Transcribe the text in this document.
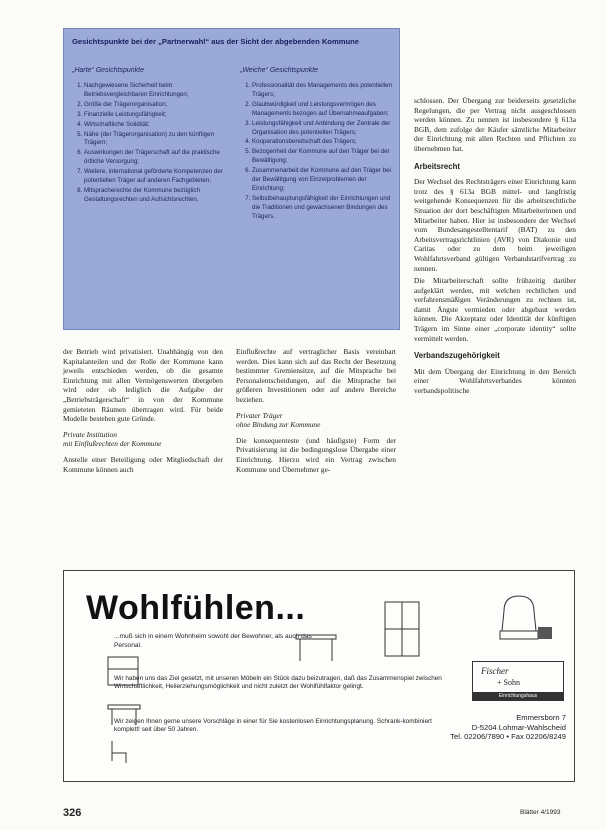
Gesichtspunkte bei der „Partnerwahl“ aus der Sicht der abgebenden Kommune
„Harte“ Gesichtspunkte
1. Nachgewiesene Sicherheit beim Betriebsvergleichbaren Einrichtungen;
2. Größe der Trägerorganisation;
3. Finanzielle Leistungsfähigkeit;
4. Wirtschaftliche Solidität;
5. Nähe (der Trägerorganisation) zu den künftigen Trägern;
6. Auswirkungen der Trägerschaft auf die praktische örtliche Versorgung;
7. Weitere, international geförderte Kompetenzen der potentiellen Träger auf anderen Fachgebieten;
8. Mitspracherechte der Kommune bezüglich Gestaltungsrechten und Aufsichtsrechten.
„Weiche“ Gesichtspunkte
1. Professionalität des Managements des potentiellen Trägers;
2. Glaubwürdigkeit und Leistungsvermögen des Managements bezogen auf Übernahmeaufgaben;
3. Leistungsfähigkeit und Anbindung der Zentrale der Organisation des potentiellen Trägers;
4. Kooperationsbereitschaft des Trägers;
5. Bezogenheit der Kommune auf den Träger bei der Bewältigung;
6. Zusammenarbeit der Kommune auf den Träger bei der Bewältigung von Einzelproblemen der Einrichtung;
7. Selbstbehauptungsfähigkeit der Einrichtungen und die Traditionen und gewachsenen Bindungen des Trägers.

der Betrieb wird privatisiert. Unabhängig von den Kapitalanteilen und der Rolle der Kommune kann jeweils entschieden werden, ob die gesamte Einrichtung mit allen Vermögenswerten übergeben wird oder ob lediglich die Aufgabe der „Betriebsträgerschaft“ in von der Kommune gemieteten Räumen übertragen wird. Für beide Modelle bestehen gute Gründe.

Private Institution
mit Einflußrechten der Kommune

Anstelle einer Beteiligung oder Mitgliedschaft der Kommune können auch

Einflußrechte auf vertraglicher Basis vereinbart werden. Dies kann sich auf das Recht der Besetzung bestimmter Gremiensitze, auf die Mitsprache bei Personalentscheidungen, auf die Mitsprache bei größeren Investitionen oder auf andere Bereiche beziehen.

Privater Träger
ohne Bindung zur Kommune

Die konsequenteste (und häufigste) Form der Privatisierung ist die bedingungslose Übergabe einer Einrichtung. Hierzu wird ein Vertrag zwischen Kommune und Übernehmer ge-

schlossen. Der Übergang zur beiderseits gesetzliche Regelungen, die per Vertrag nicht ausgeschlossen werden können. Zu nennen ist insbesondere § 613a BGB, dem zufolge der Käufer sämtliche Mitarbeiter der Einrichtung mit allen Rechten und Pflichten zu übernehmen hat.

Arbeitsrecht

Der Wechsel des Rechtsträgers einer Einrichtung kann trotz des § 613a BGB mittel- und langfristig weitgehende Konsequenzen für die arbeitsrechtliche Situation der dort beschäftigten Mitarbeiterinnen und Mitarbeiter haben. Hier ist insbesondere der Wechsel vom Bundesangestelltentarif (BAT) zu den Arbeitsvertragsrichtlinien (AVR) von Diakonie und Caritas oder zu dem beim jeweiligen Wohlfahrtsverband gültigen Verbandstarifvertrag zu nennen.

Die Mitarbeiterschaft sollte frühzeitig darüber aufgeklärt werden, mit welchen rechtlichen und verfahrensmäßigen Veränderungen zu rechnen ist, damit Ängste vermieden oder abgebaut werden können. Die Akzeptanz oder Identität der künftigen Trägern im Sinne einer „corporate identity“ sollte vermittelt werden.

Verbandszugehörigkeit

Mit dem Übergang der Einrichtung in den Bereich einer Wohlfahrtsverbandes könnten verbandspolitische

Wohlfühlen...
...muß sich in einem Wohnheim sowohl der Bewohner, als auch das Personal.

Wir haben uns das Ziel gesetzt, mit unseren Möbeln ein Stück dazu beizutragen, daß das Zusammenspiel zwischen Wirtschaftlichkeit, Heilerziehungsmöglichkeit und nicht zuletzt der Wohlfühlfaktor gelingt.

Wir zeigen Ihnen gerne unsere Vorschläge in einer für Sie kostenlosen Einrichtungsplanung. Schrank-kombiniert komplett! seit über 50 Jahren.

Fischer
+ Sohn
Einrichtungshaus
Emmersborn 7
D-5204 Lohmar-Wahlscheid
Tel. 02206/7890 • Fax 02206/8249
326	Blätter 4/1993
